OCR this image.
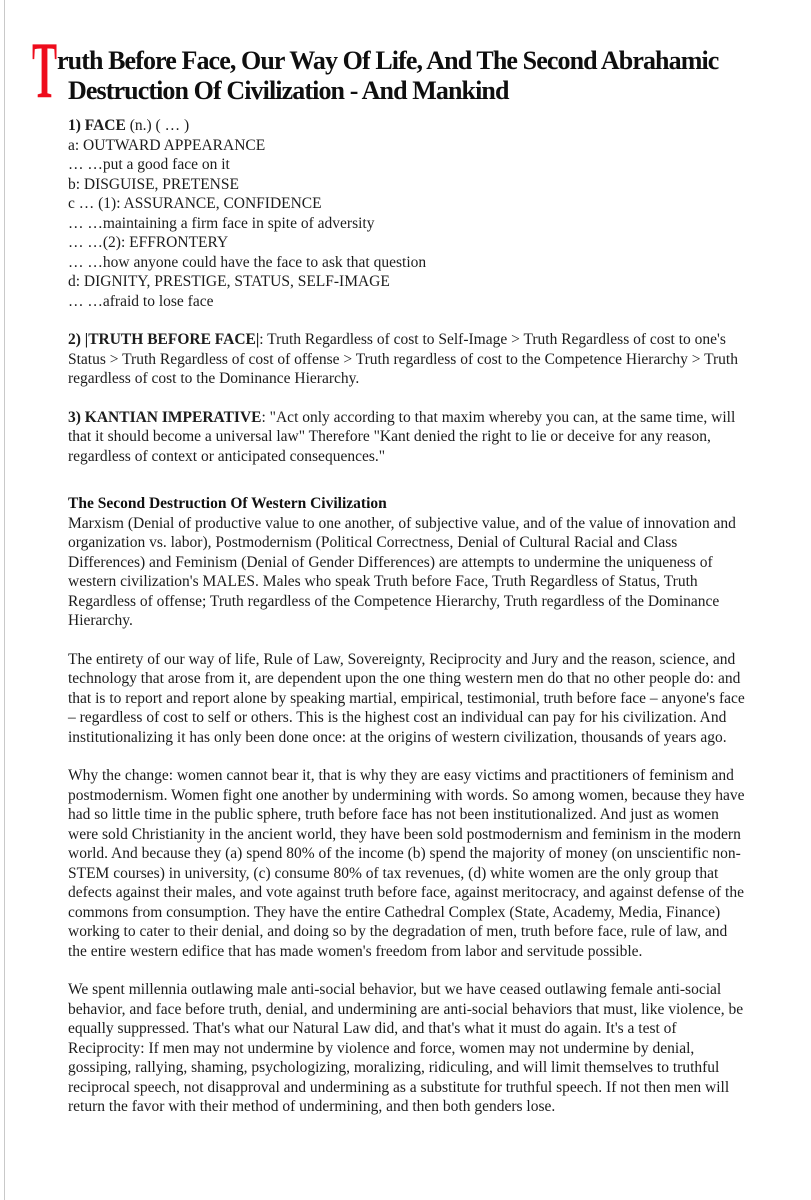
T ruth Before Face, Our Way Of Life, And The Second Abrahamic
Destruction Of Civilization - And Mankind
1) FACE (n.) ( … )
a: OUTWARD APPEARANCE
… …put a good face on it
b: DISGUISE, PRETENSE
c … (1): ASSURANCE, CONFIDENCE
… …maintaining a firm face in spite of adversity
… …(2): EFFRONTERY
… …how anyone could have the face to ask that question
d: DIGNITY, PRESTIGE, STATUS, SELF-IMAGE
… …afraid to lose face

2) |TRUTH BEFORE FACE|: Truth Regardless of cost to Self-Image > Truth Regardless of cost to one's Status > Truth Regardless of cost of offense > Truth regardless of cost to the Competence Hierarchy > Truth regardless of cost to the Dominance Hierarchy.

3) KANTIAN IMPERATIVE: "Act only according to that maxim whereby you can, at the same time, will that it should become a universal law" Therefore "Kant denied the right to lie or deceive for any reason, regardless of context or anticipated consequences."

The Second Destruction Of Western Civilization

Marxism (Denial of productive value to one another, of subjective value, and of the value of innovation and organization vs. labor), Postmodernism (Political Correctness, Denial of Cultural Racial and Class Differences) and Feminism (Denial of Gender Differences) are attempts to undermine the uniqueness of western civilization's MALES. Males who speak Truth before Face, Truth Regardless of Status, Truth Regardless of offense; Truth regardless of the Competence Hierarchy, Truth regardless of the Dominance Hierarchy.

The entirety of our way of life, Rule of Law, Sovereignty, Reciprocity and Jury and the reason, science, and technology that arose from it, are dependent upon the one thing western men do that no other people do: and that is to report and report alone by speaking martial, empirical, testimonial, truth before face – anyone's face – regardless of cost to self or others. This is the highest cost an individual can pay for his civilization. And institutionalizing it has only been done once: at the origins of western civilization, thousands of years ago.

Why the change: women cannot bear it, that is why they are easy victims and practitioners of feminism and postmodernism. Women fight one another by undermining with words. So among women, because they have had so little time in the public sphere, truth before face has not been institutionalized. And just as women were sold Christianity in the ancient world, they have been sold postmodernism and feminism in the modern world. And because they (a) spend 80% of the income (b) spend the majority of money (on unscientific non-STEM courses) in university, (c) consume 80% of tax revenues, (d) white women are the only group that defects against their males, and vote against truth before face, against meritocracy, and against defense of the commons from consumption. They have the entire Cathedral Complex (State, Academy, Media, Finance) working to cater to their denial, and doing so by the degradation of men, truth before face, rule of law, and the entire western edifice that has made women's freedom from labor and servitude possible.

We spent millennia outlawing male anti-social behavior, but we have ceased outlawing female anti-social behavior, and face before truth, denial, and undermining are anti-social behaviors that must, like violence, be equally suppressed. That's what our Natural Law did, and that's what it must do again. It's a test of Reciprocity: If men may not undermine by violence and force, women may not undermine by denial, gossiping, rallying, shaming, psychologizing, moralizing, ridiculing, and will limit themselves to truthful reciprocal speech, not disapproval and undermining as a substitute for truthful speech. If not then men will return the favor with their method of undermining, and then both genders lose.
